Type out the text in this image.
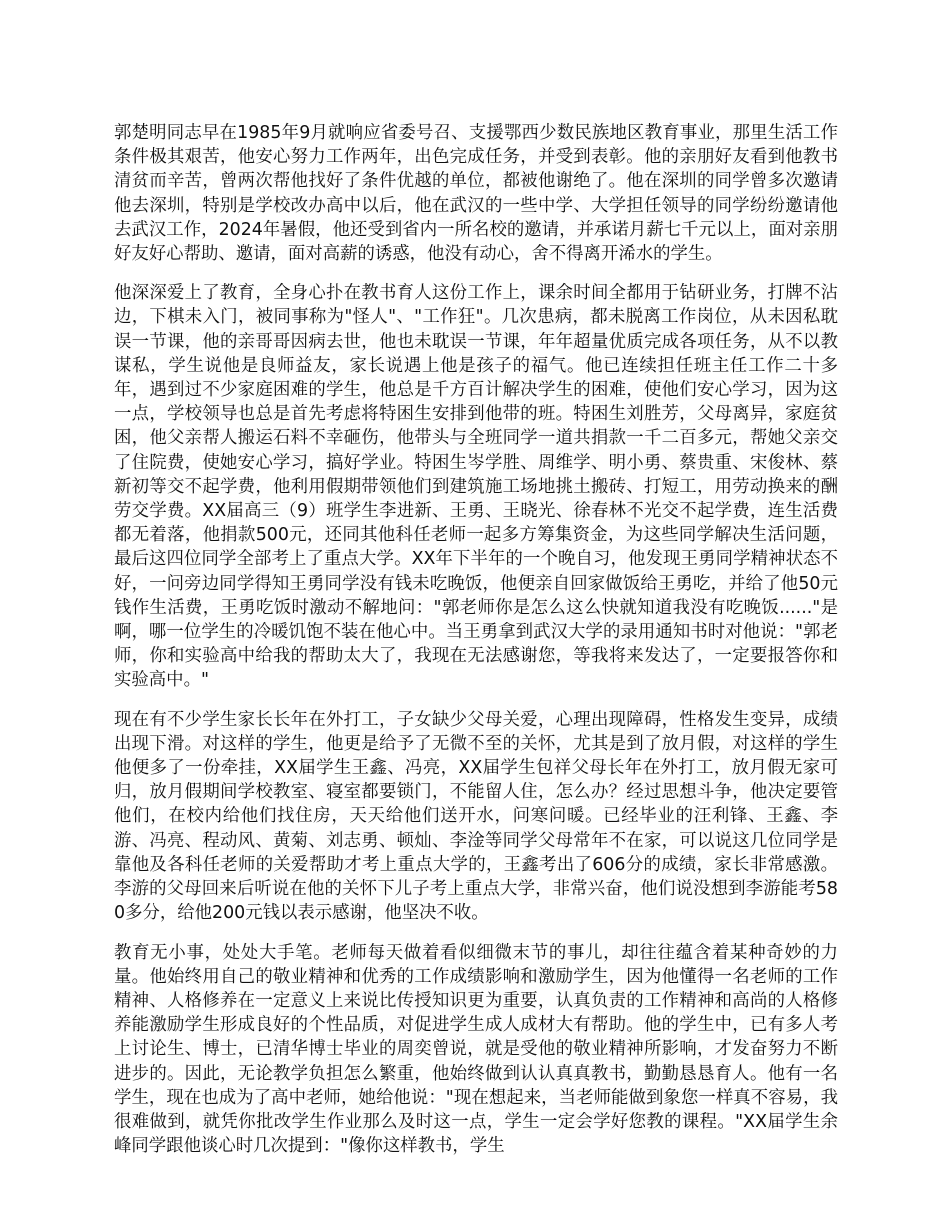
郭楚明同志早在1985年9月就响应省委号召、支援鄂西少数民族地区教育事业，那里生活工作条件极其艰苦，他安心努力工作两年，出色完成任务，并受到表彰。他的亲朋好友看到他教书清贫而辛苦，曾两次帮他找好了条件优越的单位，都被他谢绝了。他在深圳的同学曾多次邀请他去深圳，特别是学校改办高中以后，他在武汉的一些中学、大学担任领导的同学纷纷邀请他去武汉工作，2024年暑假，他还受到省内一所名校的邀请，并承诺月薪七千元以上，面对亲朋好友好心帮助、邀请，面对高薪的诱惑，他没有动心，舍不得离开浠水的学生。

他深深爱上了教育，全身心扑在教书育人这份工作上，课余时间全都用于钻研业务，打牌不沾边，下棋未入门，被同事称为"怪人"、"工作狂"。几次患病，都未脱离工作岗位，从未因私耽误一节课，他的亲哥哥因病去世，他也未耽误一节课，年年超量优质完成各项任务，从不以教谋私，学生说他是良师益友，家长说遇上他是孩子的福气。他已连续担任班主任工作二十多年，遇到过不少家庭困难的学生，他总是千方百计解决学生的困难，使他们安心学习，因为这一点，学校领导也总是首先考虑将特困生安排到他带的班。特困生刘胜芳，父母离异，家庭贫困，他父亲帮人搬运石料不幸砸伤，他带头与全班同学一道共捐款一千二百多元，帮她父亲交了住院费，使她安心学习，搞好学业。特困生岑学胜、周维学、明小勇、蔡贵重、宋俊林、蔡新初等交不起学费，他利用假期带领他们到建筑施工场地挑土搬砖、打短工，用劳动换来的酬劳交学费。XX届高三（9）班学生李进新、王勇、王晓光、徐春林不光交不起学费，连生活费都无着落，他捐款500元，还同其他科任老师一起多方筹集资金，为这些同学解决生活问题，最后这四位同学全部考上了重点大学。XX年下半年的一个晚自习，他发现王勇同学精神状态不好，一问旁边同学得知王勇同学没有钱未吃晚饭，他便亲自回家做饭给王勇吃，并给了他50元钱作生活费，王勇吃饭时激动不解地问："郭老师你是怎么这么快就知道我没有吃晚饭......"是啊，哪一位学生的冷暖饥饱不装在他心中。当王勇拿到武汉大学的录用通知书时对他说："郭老师，你和实验高中给我的帮助太大了，我现在无法感谢您，等我将来发达了，一定要报答你和实验高中。"

现在有不少学生家长长年在外打工，子女缺少父母关爱，心理出现障碍，性格发生变异，成绩出现下滑。对这样的学生，他更是给予了无微不至的关怀，尤其是到了放月假，对这样的学生他便多了一份牵挂，XX届学生王鑫、冯亮，XX届学生包祥父母长年在外打工，放月假无家可归，放月假期间学校教室、寝室都要锁门，不能留人住，怎么办？经过思想斗争，他决定要管他们，在校内给他们找住房，天天给他们送开水，问寒问暖。已经毕业的汪利锋、王鑫、李游、冯亮、程动风、黄菊、刘志勇、顿灿、李淦等同学父母常年不在家，可以说这几位同学是靠他及各科任老师的关爱帮助才考上重点大学的，王鑫考出了606分的成绩，家长非常感激。李游的父母回来后听说在他的关怀下儿子考上重点大学，非常兴奋，他们说没想到李游能考580多分，给他200元钱以表示感谢，他坚决不收。

教育无小事，处处大手笔。老师每天做着看似细微末节的事儿，却往往蕴含着某种奇妙的力量。他始终用自己的敬业精神和优秀的工作成绩影响和激励学生，因为他懂得一名老师的工作精神、人格修养在一定意义上来说比传授知识更为重要，认真负责的工作精神和高尚的人格修养能激励学生形成良好的个性品质，对促进学生成人成材大有帮助。他的学生中，已有多人考上讨论生、博士，已清华博士毕业的周奕曾说，就是受他的敬业精神所影响，才发奋努力不断进步的。因此，无论教学负担怎么繁重，他始终做到认认真真教书，勤勤恳恳育人。他有一名学生，现在也成为了高中老师，她给他说："现在想起来，当老师能做到象您一样真不容易，我很难做到，就凭你批改学生作业那么及时这一点，学生一定会学好您教的课程。"XX届学生余峰同学跟他谈心时几次提到："像你这样教书，学生
